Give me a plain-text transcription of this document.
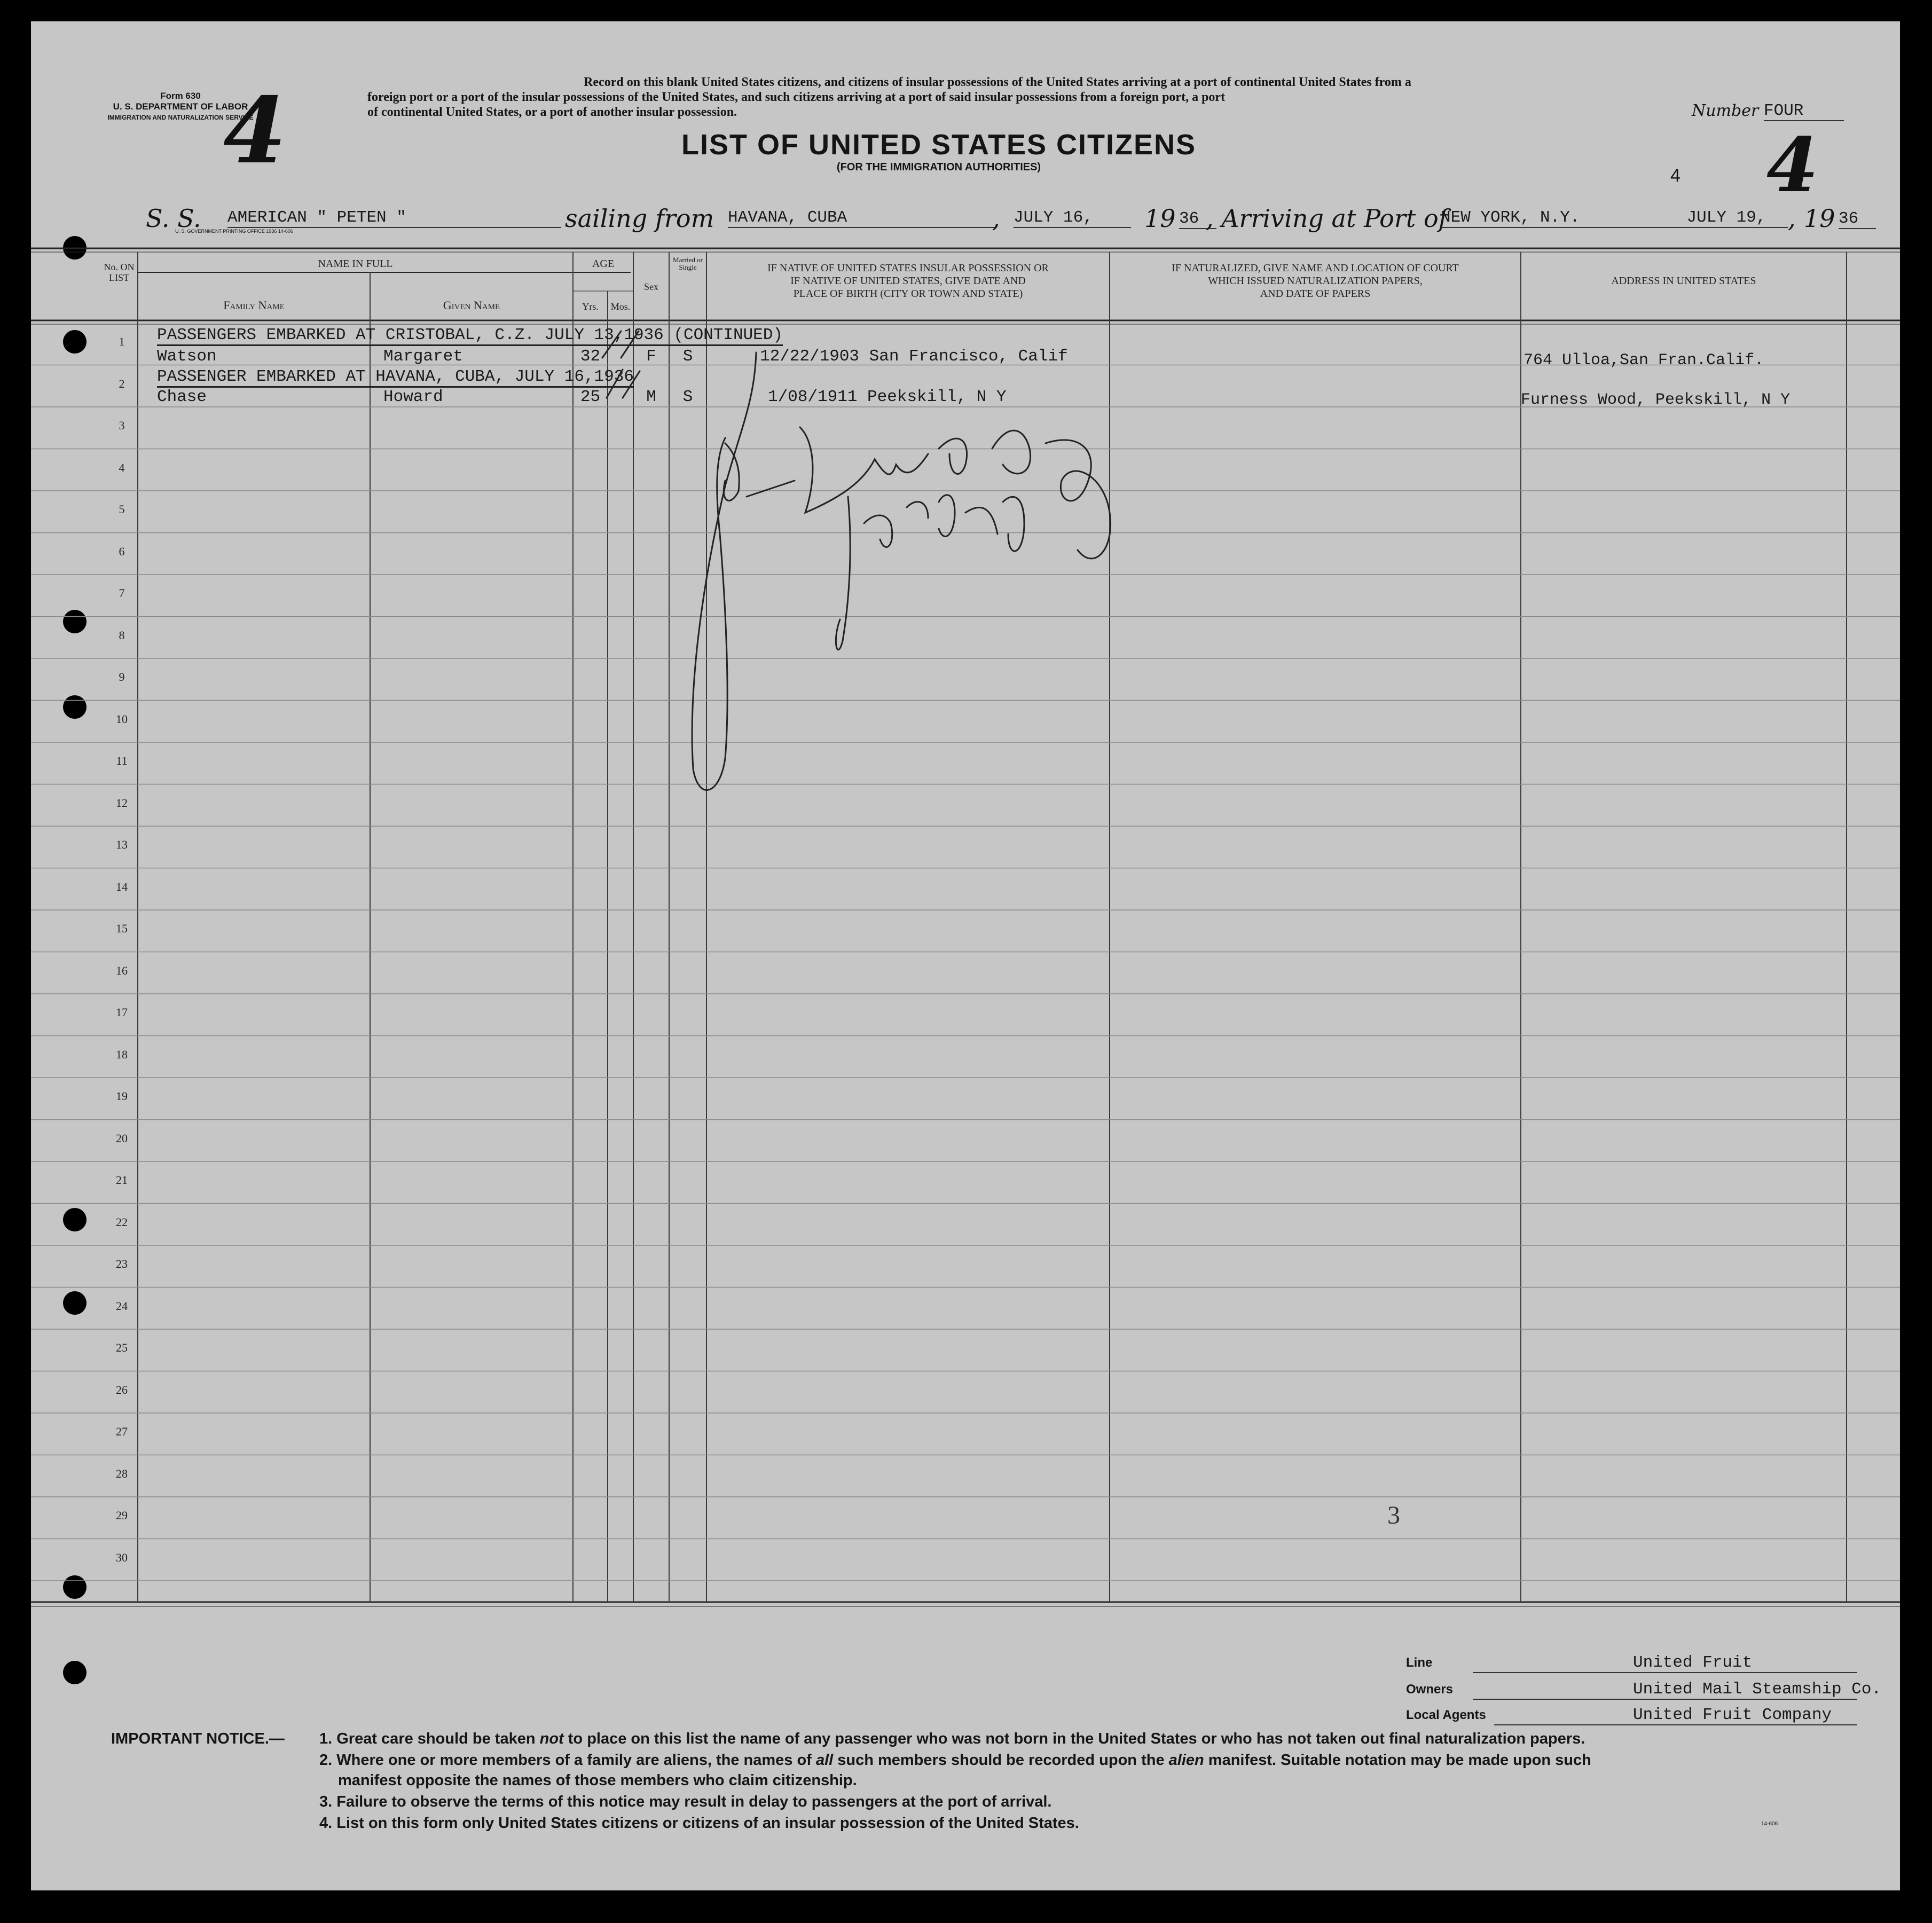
Form 630
U. S. DEPARTMENT OF LABOR
IMMIGRATION AND NATURALIZATION SERVICE
4
U. S. GOVERNMENT PRINTING OFFICE 1936 14-606
Record on this blank United States citizens, and citizens of insular possessions of the United States arriving at a port of continental United States from a
foreign port or a port of the insular possessions of the United States, and such citizens arriving at a port of said insular possessions from a foreign port, a port
of continental United States, or a port of another insular possession.
LIST OF UNITED STATES CITIZENS
(FOR THE IMMIGRATION AUTHORITIES)
Number FOUR
4 4
S. S. AMERICAN " PETEN "	sailing from HAVANA, CUBA	, JULY 16,	19 36 , Arriving at Port of
NEW YORK, N.Y.	JULY 19, , 19 36
No. ON LIST
NAME IN FULL
Family Name	Given Name
AGE
Yrs.	Mos.
Sex
Married or Single	IF NATIVE OF UNITED STATES INSULAR POSSESSION OR
IF NATIVE OF UNITED STATES, GIVE DATE AND
PLACE OF BIRTH (CITY OR TOWN AND STATE)
IF NATURALIZED, GIVE NAME AND LOCATION OF COURT
WHICH ISSUED NATURALIZATION PAPERS,
AND DATE OF PAPERS
ADDRESS IN UNITED STATES
1
2
3
4
5
6
7
8
9
10
11
12
13
14
15
16
17
18
19
20
21
22
23
24
25
26
27
28
29
30
PASSENGERS EMBARKED AT CRISTOBAL, C.Z. JULY 13,1936 (CONTINUED)
PASSENGER EMBARKED AT HAVANA, CUBA, JULY 16,1936
Watson	Margaret	32	F	S	12/22/1903 San Francisco, Calif	764 Ulloa,San Fran.Calif.
Chase	Howard	25	M	S	1/08/1911 Peekskill, N Y	Furness Wood, Peekskill, N Y
3
Line	United Fruit
Owners	United Mail Steamship Co.
Local Agents	United Fruit Company
IMPORTANT NOTICE.— 1. Great care should be taken not to place on this list the name of any passenger who was not born in the United States or who has not taken out final naturalization papers.
2. Where one or more members of a family are aliens, the names of all such members should be recorded upon the alien manifest. Suitable notation may be made upon such
manifest opposite the names of those members who claim citizenship.
3. Failure to observe the terms of this notice may result in delay to passengers at the port of arrival.
4. List on this form only United States citizens or citizens of an insular possession of the United States.	14-606
